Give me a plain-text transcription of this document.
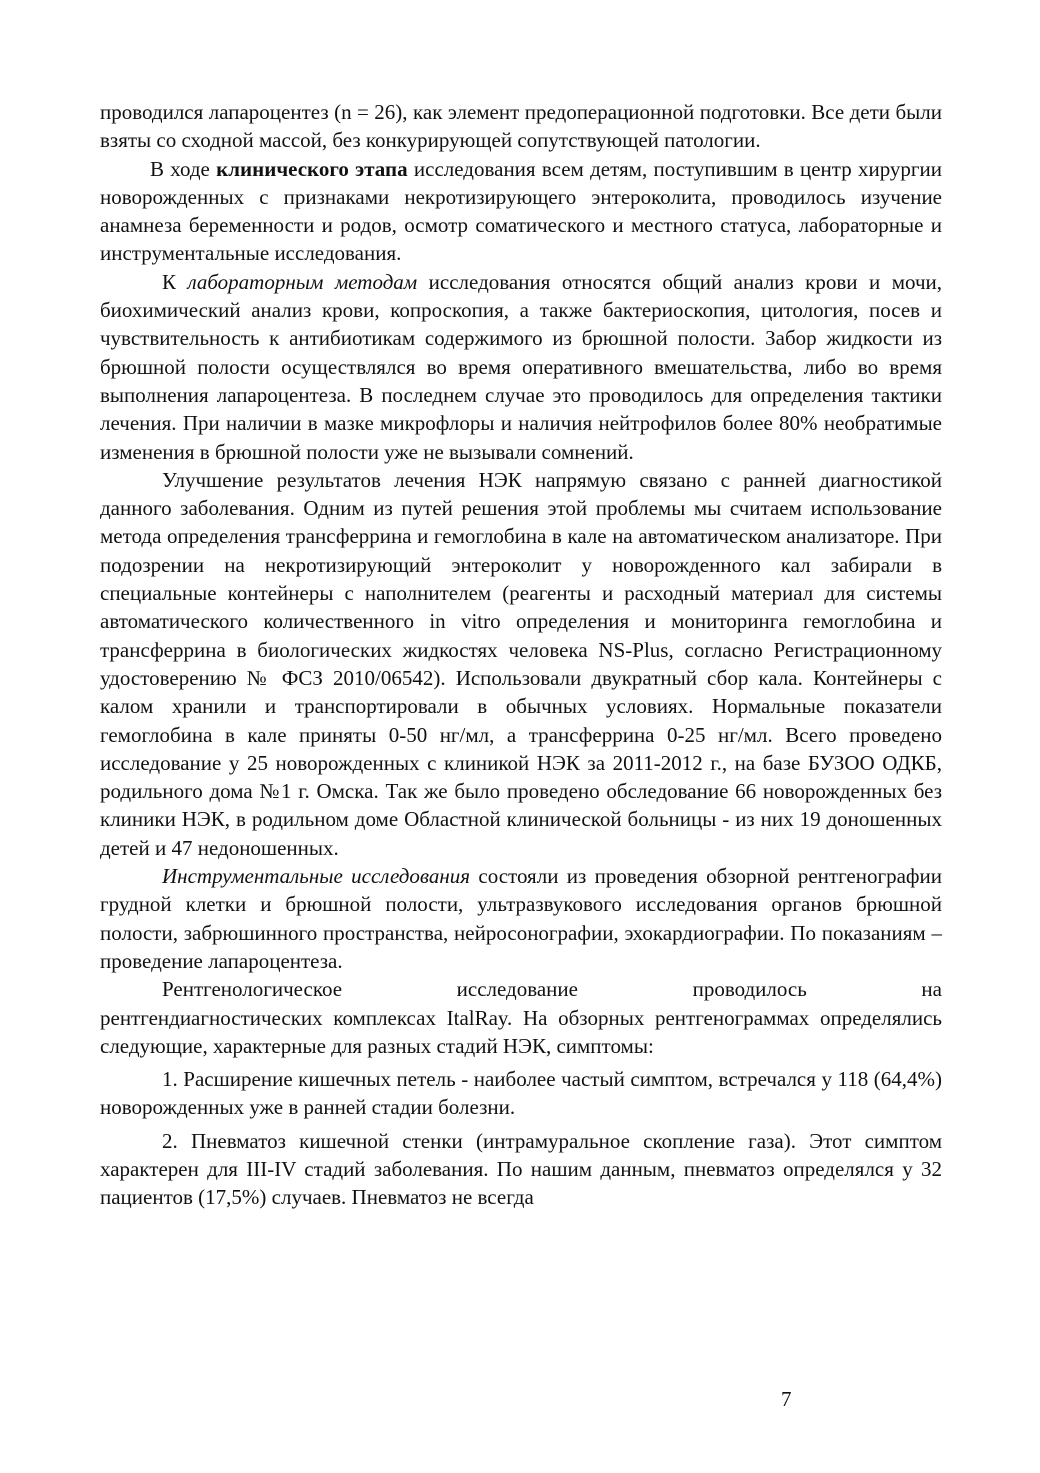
проводился лапароцентез (n = 26), как элемент предоперационной подготовки. Все дети были взяты со сходной массой, без конкурирующей сопутствующей патологии.

В ходе клинического этапа исследования всем детям, поступившим в центр хирургии новорожденных с признаками некротизирующего энтероколита, проводилось изучение анамнеза беременности и родов, осмотр соматического и местного статуса, лабораторные и инструментальные исследования.

К лабораторным методам исследования относятся общий анализ крови и мочи, биохимический анализ крови, копроскопия, а также бактериоскопия, цитология, посев и чувствительность к антибиотикам содержимого из брюшной полости. Забор жидкости из брюшной полости осуществлялся во время оперативного вмешательства, либо во время выполнения лапароцентеза. В последнем случае это проводилось для определения тактики лечения. При наличии в мазке микрофлоры и наличия нейтрофилов более 80% необратимые изменения в брюшной полости уже не вызывали сомнений.

Улучшение результатов лечения НЭК напрямую связано с ранней диагностикой данного заболевания. Одним из путей решения этой проблемы мы считаем использование метода определения трансферрина и гемоглобина в кале на автоматическом анализаторе. При подозрении на некротизирующий энтероколит у новорожденного кал забирали в специальные контейнеры с наполнителем (реагенты и расходный материал для системы автоматического количественного in vitro определения и мониторинга гемоглобина и трансферрина в биологических жидкостях человека NS-Plus, согласно Регистрационному удостоверению № ФСЗ 2010/06542). Использовали двукратный сбор кала. Контейнеры с калом хранили и транспортировали в обычных условиях. Нормальные показатели гемоглобина в кале приняты 0-50 нг/мл, а трансферрина 0-25 нг/мл. Всего проведено исследование у 25 новорожденных с клиникой НЭК за 2011-2012 г., на базе БУЗОО ОДКБ, родильного дома №1 г. Омска. Так же было проведено обследование 66 новорожденных без клиники НЭК, в родильном доме Областной клинической больницы - из них 19 доношенных детей и 47 недоношенных.

Инструментальные исследования состояли из проведения обзорной рентгенографии грудной клетки и брюшной полости, ультразвукового исследования органов брюшной полости, забрюшинного пространства, нейросонографии, эхокардиографии. По показаниям – проведение лапароцентеза.

Рентгенологическое исследование проводилось на

рентгендиагностических комплексах ItalRay. На обзорных рентгенограммах определялись следующие, характерные для разных стадий НЭК, симптомы:

1. Расширение кишечных петель - наиболее частый симптом, встречался у 118 (64,4%) новорожденных уже в ранней стадии болезни.

2. Пневматоз кишечной стенки (интрамуральное скопление газа). Этот симптом характерен для III-IV стадий заболевания. По нашим данным, пневматоз определялся у 32 пациентов (17,5%) случаев. Пневматоз не всегда

7
